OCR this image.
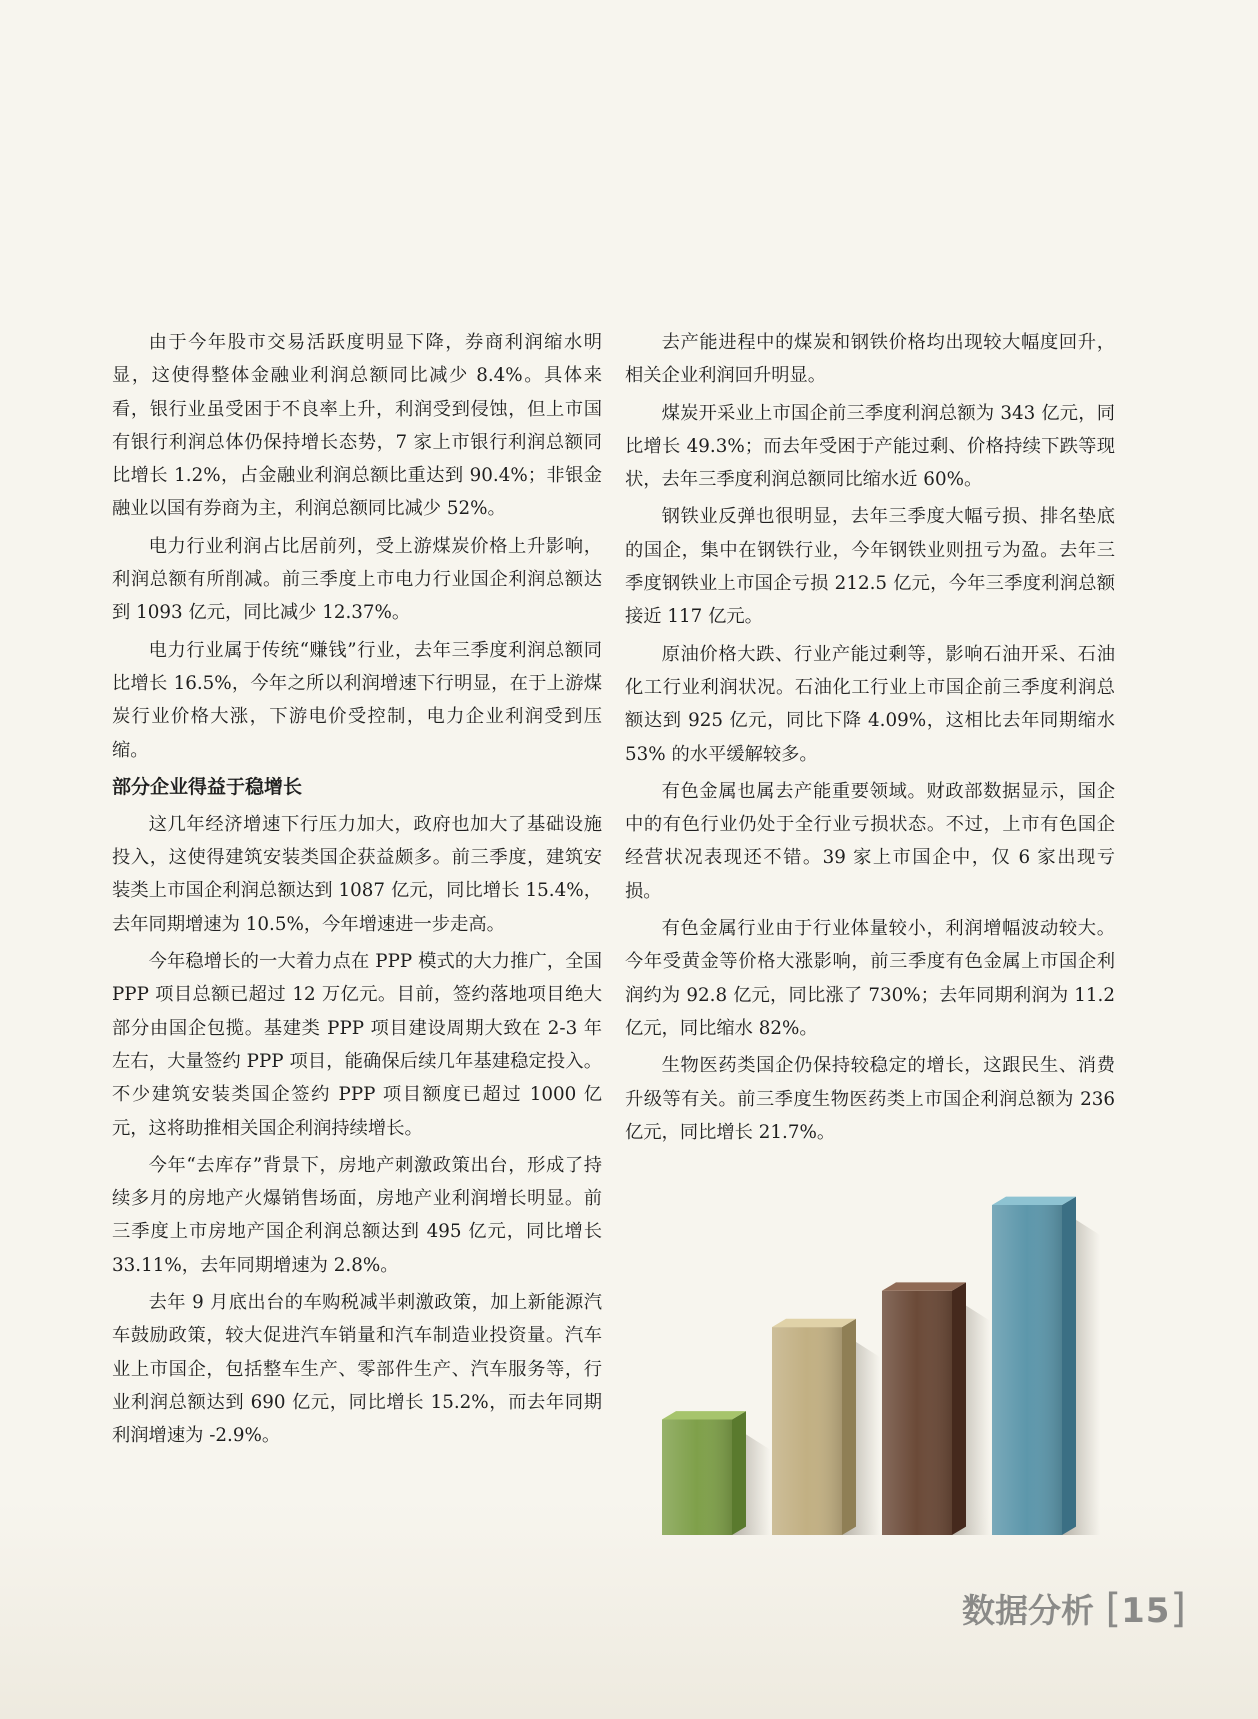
由于今年股市交易活跃度明显下降，券商利润缩水明显，这使得整体金融业利润总额同比减少 8.4%。具体来看，银行业虽受困于不良率上升，利润受到侵蚀，但上市国有银行利润总体仍保持增长态势，7 家上市银行利润总额同比增长 1.2%，占金融业利润总额比重达到 90.4%；非银金融业以国有券商为主，利润总额同比减少 52%。

电力行业利润占比居前列，受上游煤炭价格上升影响，利润总额有所削减。前三季度上市电力行业国企利润总额达到 1093 亿元，同比减少 12.37%。

电力行业属于传统“赚钱”行业，去年三季度利润总额同比增长 16.5%，今年之所以利润增速下行明显，在于上游煤炭行业价格大涨，下游电价受控制，电力企业利润受到压缩。

部分企业得益于稳增长

这几年经济增速下行压力加大，政府也加大了基础设施投入，这使得建筑安装类国企获益颇多。前三季度，建筑安装类上市国企利润总额达到 1087 亿元，同比增长 15.4%，去年同期增速为 10.5%，今年增速进一步走高。

今年稳增长的一大着力点在 PPP 模式的大力推广，全国 PPP 项目总额已超过 12 万亿元。目前，签约落地项目绝大部分由国企包揽。基建类 PPP 项目建设周期大致在 2-3 年左右，大量签约 PPP 项目，能确保后续几年基建稳定投入。不少建筑安装类国企签约 PPP 项目额度已超过 1000 亿元，这将助推相关国企利润持续增长。

今年“去库存”背景下，房地产刺激政策出台，形成了持续多月的房地产火爆销售场面，房地产业利润增长明显。前三季度上市房地产国企利润总额达到 495 亿元，同比增长 33.11%，去年同期增速为 2.8%。

去年 9 月底出台的车购税减半刺激政策，加上新能源汽车鼓励政策，较大促进汽车销量和汽车制造业投资量。汽车业上市国企，包括整车生产、零部件生产、汽车服务等，行业利润总额达到 690 亿元，同比增长 15.2%，而去年同期利润增速为 -2.9%。

去产能进程中的煤炭和钢铁价格均出现较大幅度回升，相关企业利润回升明显。

煤炭开采业上市国企前三季度利润总额为 343 亿元，同比增长 49.3%；而去年受困于产能过剩、价格持续下跌等现状，去年三季度利润总额同比缩水近 60%。

钢铁业反弹也很明显，去年三季度大幅亏损、排名垫底的国企，集中在钢铁行业，今年钢铁业则扭亏为盈。去年三季度钢铁业上市国企亏损 212.5 亿元，今年三季度利润总额接近 117 亿元。

原油价格大跌、行业产能过剩等，影响石油开采、石油化工行业利润状况。石油化工行业上市国企前三季度利润总额达到 925 亿元，同比下降 4.09%，这相比去年同期缩水 53% 的水平缓解较多。

有色金属也属去产能重要领域。财政部数据显示，国企中的有色行业仍处于全行业亏损状态。不过，上市有色国企经营状况表现还不错。39 家上市国企中，仅 6 家出现亏损。

有色金属行业由于行业体量较小，利润增幅波动较大。今年受黄金等价格大涨影响，前三季度有色金属上市国企利润约为 92.8 亿元，同比涨了 730%；去年同期利润为 11.2 亿元，同比缩水 82%。

生物医药类国企仍保持较稳定的增长，这跟民生、消费升级等有关。前三季度生物医药类上市国企利润总额为 236 亿元，同比增长 21.7%。

数据分析 [15]
